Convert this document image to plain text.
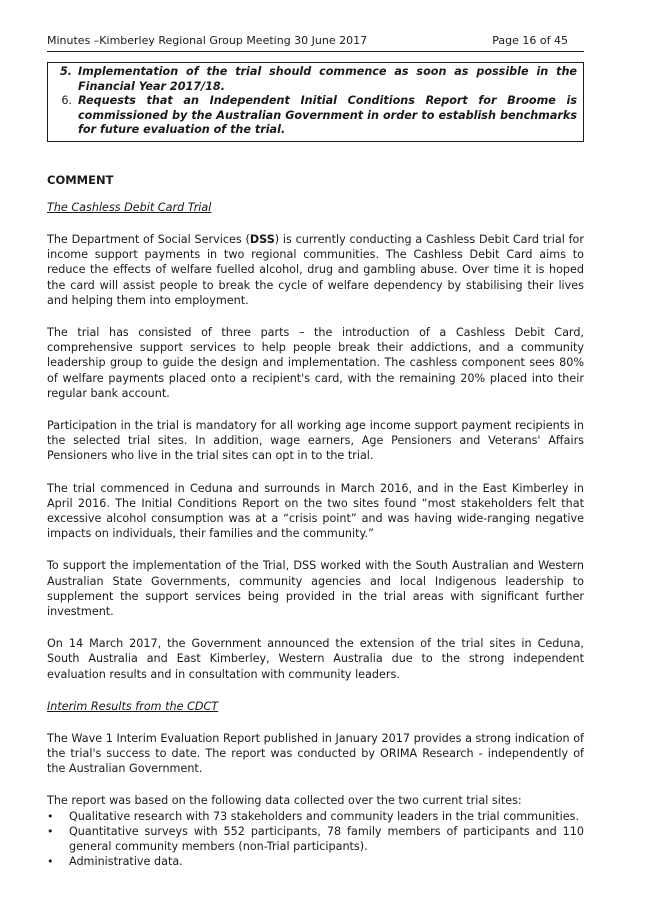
Minutes –Kimberley Regional Group Meeting 30 June 2017	Page 16 of 45
5. Implementation of the trial should commence as soon as possible in the Financial Year 2017/18.
6. Requests that an Independent Initial Conditions Report for Broome is commissioned by the Australian Government in order to establish benchmarks for future evaluation of the trial.
COMMENT
The Cashless Debit Card Trial

The Department of Social Services (DSS) is currently conducting a Cashless Debit Card trial for income support payments in two regional communities. The Cashless Debit Card aims to reduce the effects of welfare fuelled alcohol, drug and gambling abuse. Over time it is hoped the card will assist people to break the cycle of welfare dependency by stabilising their lives and helping them into employment.

The trial has consisted of three parts – the introduction of a Cashless Debit Card, comprehensive support services to help people break their addictions, and a community leadership group to guide the design and implementation. The cashless component sees 80% of welfare payments placed onto a recipient's card, with the remaining 20% placed into their regular bank account.

Participation in the trial is mandatory for all working age income support payment recipients in the selected trial sites. In addition, wage earners, Age Pensioners and Veterans' Affairs Pensioners who live in the trial sites can opt in to the trial.

The trial commenced in Ceduna and surrounds in March 2016, and in the East Kimberley in April 2016. The Initial Conditions Report on the two sites found “most stakeholders felt that excessive alcohol consumption was at a “crisis point” and was having wide-ranging negative impacts on individuals, their families and the community.”

To support the implementation of the Trial, DSS worked with the South Australian and Western Australian State Governments, community agencies and local Indigenous leadership to supplement the support services being provided in the trial areas with significant further investment.

On 14 March 2017, the Government announced the extension of the trial sites in Ceduna, South Australia and East Kimberley, Western Australia due to the strong independent evaluation results and in consultation with community leaders.

Interim Results from the CDCT

The Wave 1 Interim Evaluation Report published in January 2017 provides a strong indication of the trial's success to date. The report was conducted by ORIMA Research - independently of the Australian Government.

The report was based on the following data collected over the two current trial sites:

•	Qualitative research with 73 stakeholders and community leaders in the trial communities.
•	Quantitative surveys with 552 participants, 78 family members of participants and 110 general community members (non-Trial participants).
•	Administrative data.
